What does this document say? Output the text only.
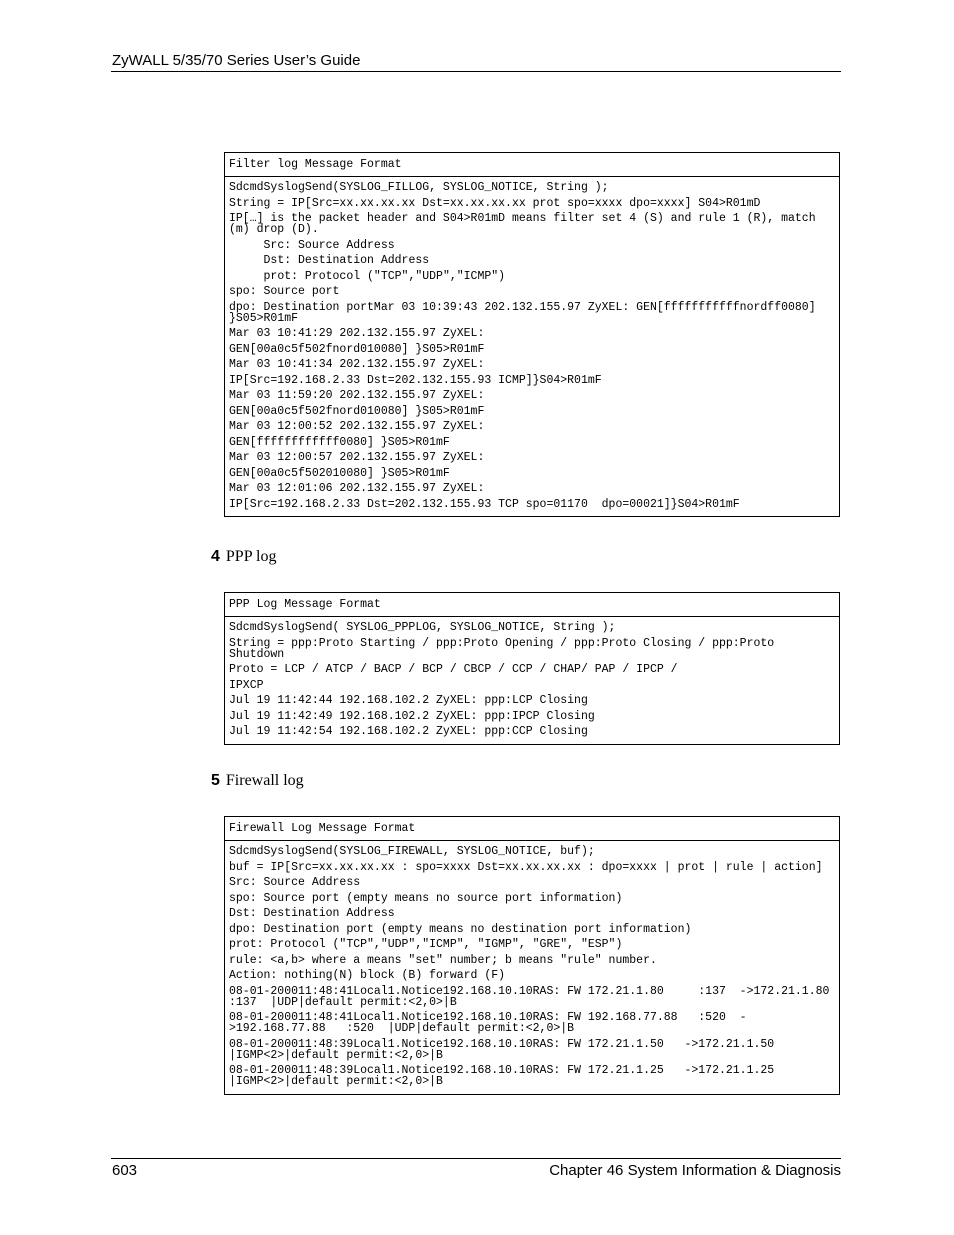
ZyWALL 5/35/70 Series User’s Guide
Filter log Message Format
SdcmdSyslogSend(SYSLOG_FILLOG, SYSLOG_NOTICE, String );
String = IP[Src=xx.xx.xx.xx Dst=xx.xx.xx.xx prot spo=xxxx dpo=xxxx] S04>R01mD
IP[…] is the packet header and S04>R01mD means filter set 4 (S) and rule 1 (R), match (m) drop (D).
Src: Source Address
Dst: Destination Address
prot: Protocol ("TCP","UDP","ICMP")
spo: Source port
dpo: Destination portMar 03 10:39:43 202.132.155.97 ZyXEL: GEN[fffffffffffnordff0080] }S05>R01mF
Mar 03 10:41:29 202.132.155.97 ZyXEL:
GEN[00a0c5f502fnord010080] }S05>R01mF
Mar 03 10:41:34 202.132.155.97 ZyXEL:
IP[Src=192.168.2.33 Dst=202.132.155.93 ICMP]}S04>R01mF
Mar 03 11:59:20 202.132.155.97 ZyXEL:
GEN[00a0c5f502fnord010080] }S05>R01mF
Mar 03 12:00:52 202.132.155.97 ZyXEL:
GEN[ffffffffffff0080] }S05>R01mF
Mar 03 12:00:57 202.132.155.97 ZyXEL:
GEN[00a0c5f502010080] }S05>R01mF
Mar 03 12:01:06 202.132.155.97 ZyXEL:
IP[Src=192.168.2.33 Dst=202.132.155.93 TCP spo=01170  dpo=00021]}S04>R01mF
4 PPP log
PPP Log Message Format
SdcmdSyslogSend( SYSLOG_PPPLOG, SYSLOG_NOTICE, String );
String = ppp:Proto Starting / ppp:Proto Opening / ppp:Proto Closing / ppp:Proto Shutdown
Proto = LCP / ATCP / BACP / BCP / CBCP / CCP / CHAP/ PAP / IPCP /
IPXCP
Jul 19 11:42:44 192.168.102.2 ZyXEL: ppp:LCP Closing
Jul 19 11:42:49 192.168.102.2 ZyXEL: ppp:IPCP Closing
Jul 19 11:42:54 192.168.102.2 ZyXEL: ppp:CCP Closing
5 Firewall log
Firewall Log Message Format
SdcmdSyslogSend(SYSLOG_FIREWALL, SYSLOG_NOTICE, buf);
buf = IP[Src=xx.xx.xx.xx : spo=xxxx Dst=xx.xx.xx.xx : dpo=xxxx | prot | rule | action]
Src: Source Address
spo: Source port (empty means no source port information)
Dst: Destination Address
dpo: Destination port (empty means no destination port information)
prot: Protocol ("TCP","UDP","ICMP", "IGMP", "GRE", "ESP")
rule: <a,b> where a means "set" number; b means "rule" number.
Action: nothing(N) block (B) forward (F)
08-01-200011:48:41Local1.Notice192.168.10.10RAS: FW 172.21.1.80     :137  ->172.21.1.80     :137  |UDP|default permit:<2,0>|B
08-01-200011:48:41Local1.Notice192.168.10.10RAS: FW 192.168.77.88   :520  ->192.168.77.88   :520  |UDP|default permit:<2,0>|B
08-01-200011:48:39Local1.Notice192.168.10.10RAS: FW 172.21.1.50   ->172.21.1.50 |IGMP<2>|default permit:<2,0>|B
08-01-200011:48:39Local1.Notice192.168.10.10RAS: FW 172.21.1.25   ->172.21.1.25 |IGMP<2>|default permit:<2,0>|B
603	Chapter 46 System Information & Diagnosis
